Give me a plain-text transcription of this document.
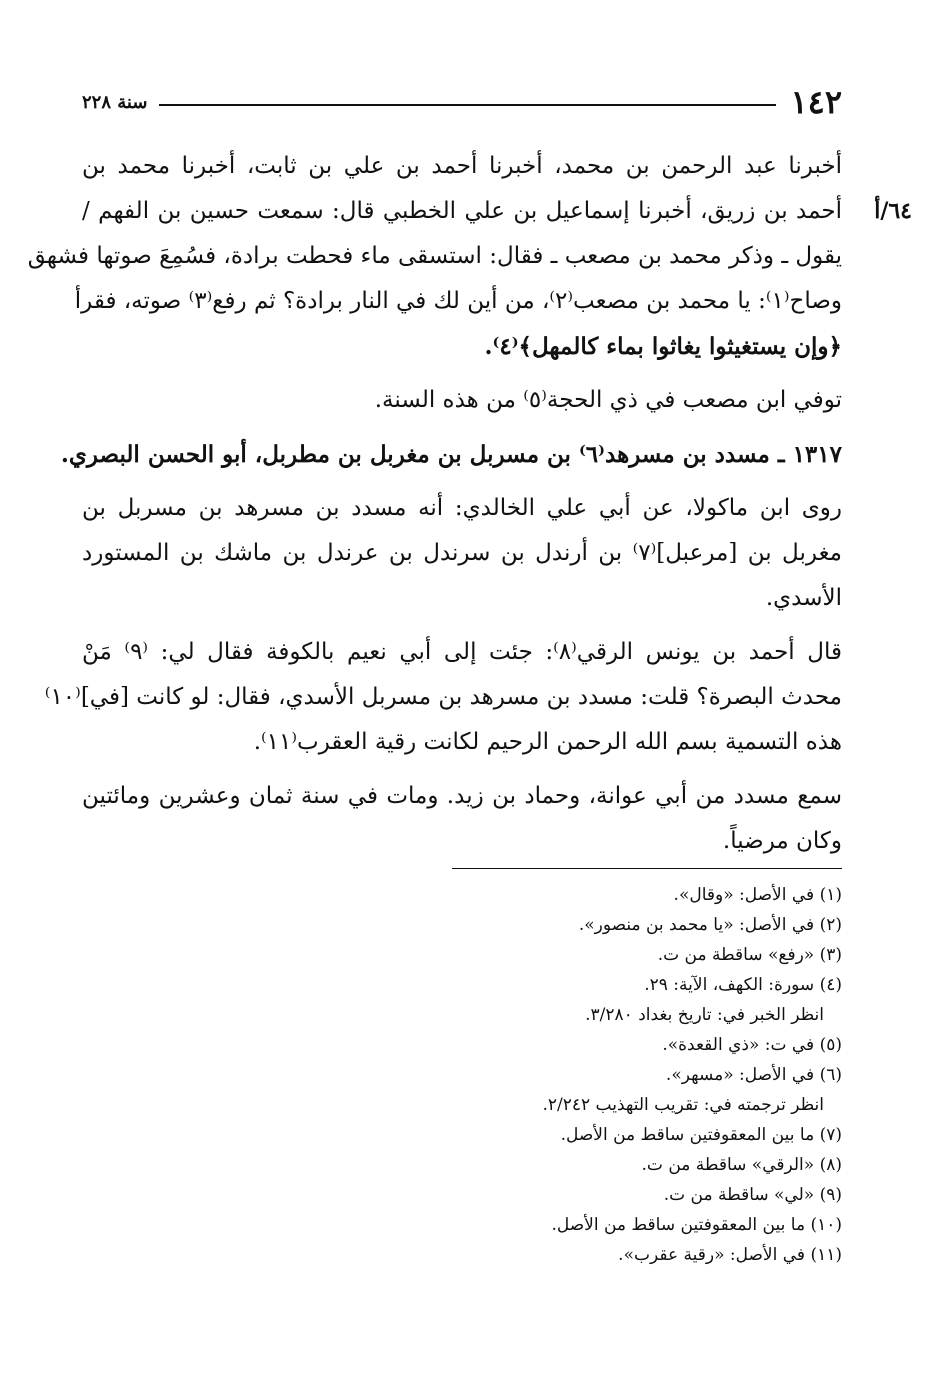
١٤٢
سنة ٢٢٨
٦٤/أ
أخبرنا عبد الرحمن بن محمد، أخبرنا أحمد بن علي بن ثابت، أخبرنا محمد بن
أحمد بن زريق، أخبرنا إسماعيل بن علي الخطبي قال: سمعت حسين بن الفهم /
يقول ـ وذكر محمد بن مصعب ـ فقال: استسقى ماء فحطت برادة، فسُمِعَ صوتها فشهق
وصاح⁽١⁾: يا محمد بن مصعب⁽٢⁾، من أين لك في النار برادة؟ ثم رفع⁽٣⁾ صوته، فقرأ
﴿وإن يستغيثوا يغاثوا بماء كالمهل﴾⁽٤⁾.
توفي ابن مصعب في ذي الحجة⁽٥⁾ من هذه السنة.
١٣١٧ ـ مسدد بن مسرهد⁽٦⁾ بن مسربل بن مغربل بن مطربل، أبو الحسن البصري.
روى ابن ماكولا، عن أبي علي الخالدي: أنه مسدد بن مسرهد بن مسربل بن
مغربل بن [مرعبل]⁽٧⁾ بن أرندل بن سرندل بن عرندل بن ماشك بن المستورد
الأسدي.
قال أحمد بن يونس الرقي⁽٨⁾: جئت إلى أبي نعيم بالكوفة فقال لي: ⁽٩⁾ مَنْ
محدث البصرة؟ قلت: مسدد بن مسرهد بن مسربل الأسدي، فقال: لو كانت [في]⁽١٠⁾
هذه التسمية بسم الله الرحمن الرحيم لكانت رقية العقرب⁽١١⁾.
سمع مسدد من أبي عوانة، وحماد بن زيد. ومات في سنة ثمان وعشرين ومائتين
وكان مرضياً.
(١) في الأصل: «وقال».
(٢) في الأصل: «يا محمد بن منصور».
(٣) «رفع» ساقطة من ت.
(٤) سورة: الكهف، الآية: ٢٩.
انظر الخبر في: تاريخ بغداد ٣/٢٨٠.
(٥) في ت: «ذي القعدة».
(٦) في الأصل: «مسهر».
انظر ترجمته في: تقريب التهذيب ٢/٢٤٢.
(٧) ما بين المعقوفتين ساقط من الأصل.
(٨) «الرقي» ساقطة من ت.
(٩) «لي» ساقطة من ت.
(١٠) ما بين المعقوفتين ساقط من الأصل.
(١١) في الأصل: «رقية عقرب».
